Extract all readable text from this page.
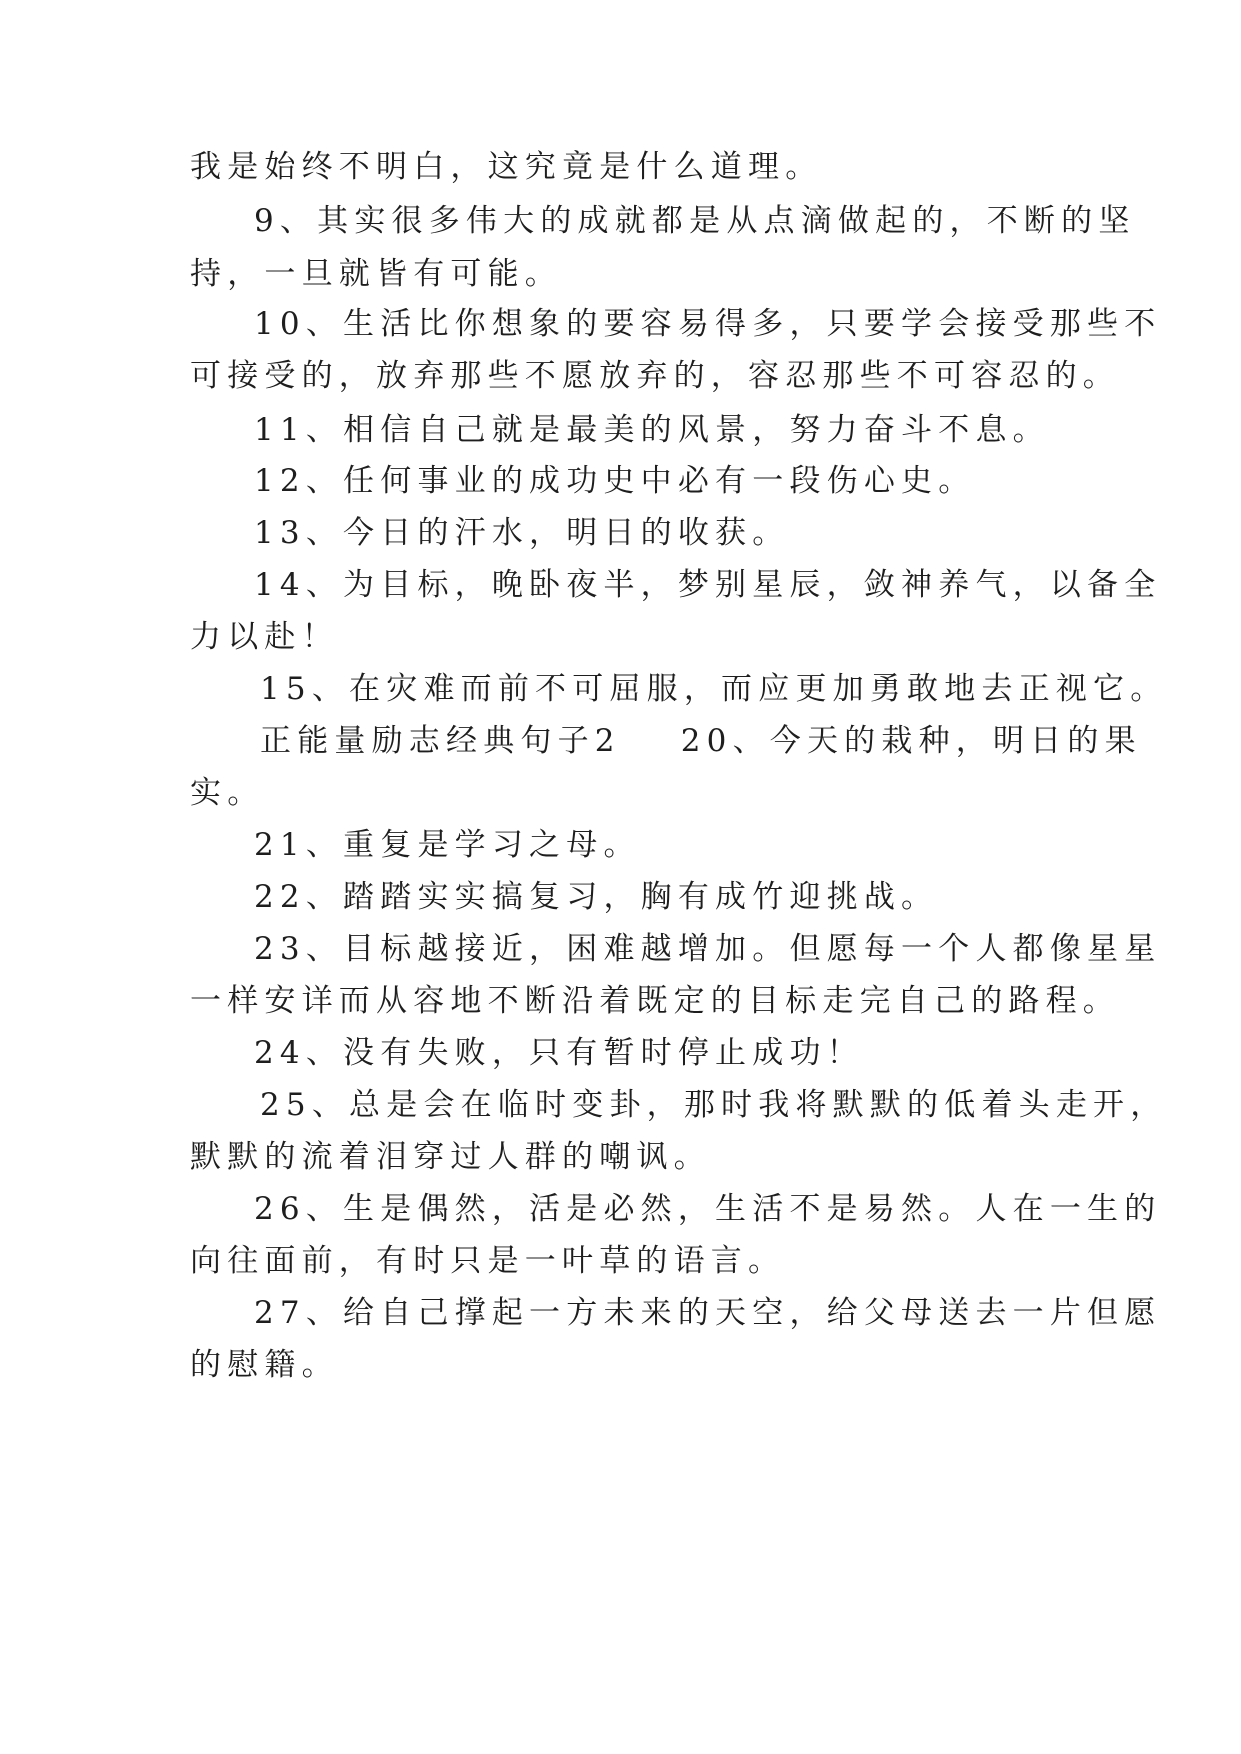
我是始终不明白，这究竟是什么道理。
9、其实很多伟大的成就都是从点滴做起的，不断的坚
持，一旦就皆有可能。
10、生活比你想象的要容易得多，只要学会接受那些不
可接受的，放弃那些不愿放弃的，容忍那些不可容忍的。
11、相信自己就是最美的风景，努力奋斗不息。
12、任何事业的成功史中必有一段伤心史。
13、今日的汗水，明日的收获。
14、为目标，晚卧夜半，梦别星辰，敛神养气，以备全
力以赴！
15、在灾难而前不可屈服，而应更加勇敢地去正视它。
正能量励志经典句子2 20、今天的栽种，明日的果
实。
21、重复是学习之母。
22、踏踏实实搞复习，胸有成竹迎挑战。
23、目标越接近，困难越增加。但愿每一个人都像星星
一样安详而从容地不断沿着既定的目标走完自己的路程。
24、没有失败，只有暂时停止成功！
25、总是会在临时变卦，那时我将默默的低着头走开，
默默的流着泪穿过人群的嘲讽。
26、生是偶然，活是必然，生活不是易然。人在一生的
向往面前，有时只是一叶草的语言。
27、给自己撑起一方未来的天空，给父母送去一片但愿
的慰籍。
